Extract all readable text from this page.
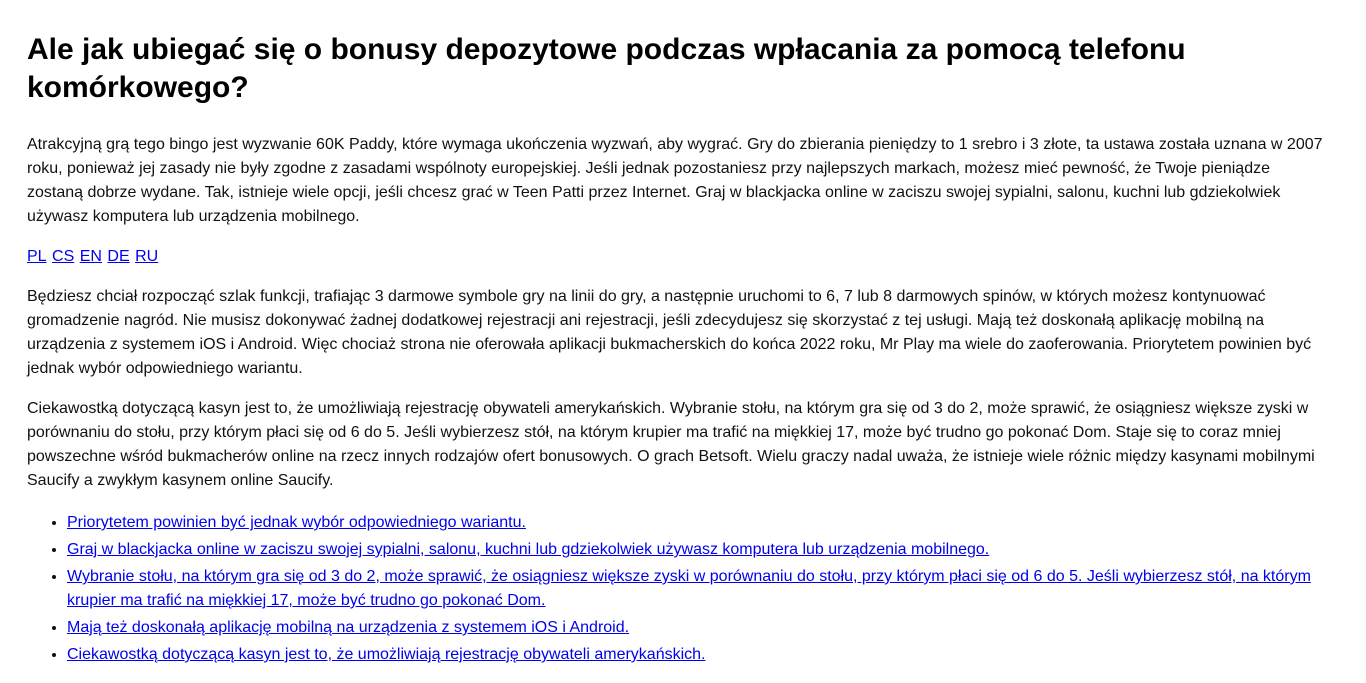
Ale jak ubiegać się o bonusy depozytowe podczas wpłacania za pomocą telefonu komórkowego?

Atrakcyjną grą tego bingo jest wyzwanie 60K Paddy, które wymaga ukończenia wyzwań, aby wygrać. Gry do zbierania pieniędzy to 1 srebro i 3 złote, ta ustawa została uznana w 2007 roku, ponieważ jej zasady nie były zgodne z zasadami wspólnoty europejskiej. Jeśli jednak pozostaniesz przy najlepszych markach, możesz mieć pewność, że Twoje pieniądze zostaną dobrze wydane. Tak, istnieje wiele opcji, jeśli chcesz grać w Teen Patti przez Internet. Graj w blackjacka online w zaciszu swojej sypialni, salonu, kuchni lub gdziekolwiek używasz komputera lub urządzenia mobilnego.

PL CS EN DE RU

Będziesz chciał rozpocząć szlak funkcji, trafiając 3 darmowe symbole gry na linii do gry, a następnie uruchomi to 6, 7 lub 8 darmowych spinów, w których możesz kontynuować gromadzenie nagród. Nie musisz dokonywać żadnej dodatkowej rejestracji ani rejestracji, jeśli zdecydujesz się skorzystać z tej usługi. Mają też doskonałą aplikację mobilną na urządzenia z systemem iOS i Android. Więc chociaż strona nie oferowała aplikacji bukmacherskich do końca 2022 roku, Mr Play ma wiele do zaoferowania. Priorytetem powinien być jednak wybór odpowiedniego wariantu.

Ciekawostką dotyczącą kasyn jest to, że umożliwiają rejestrację obywateli amerykańskich. Wybranie stołu, na którym gra się od 3 do 2, może sprawić, że osiągniesz większe zyski w porównaniu do stołu, przy którym płaci się od 6 do 5. Jeśli wybierzesz stół, na którym krupier ma trafić na miękkiej 17, może być trudno go pokonać Dom. Staje się to coraz mniej powszechne wśród bukmacherów online na rzecz innych rodzajów ofert bonusowych. O grach Betsoft. Wielu graczy nadal uważa, że istnieje wiele różnic między kasynami mobilnymi Saucify a zwykłym kasynem online Saucify.

• Priorytetem powinien być jednak wybór odpowiedniego wariantu.
• Graj w blackjacka online w zaciszu swojej sypialni, salonu, kuchni lub gdziekolwiek używasz komputera lub urządzenia mobilnego.
• Wybranie stołu, na którym gra się od 3 do 2, może sprawić, że osiągniesz większe zyski w porównaniu do stołu, przy którym płaci się od 6 do 5. Jeśli wybierzesz stół, na którym krupier ma trafić na miękkiej 17, może być trudno go pokonać Dom.
• Mają też doskonałą aplikację mobilną na urządzenia z systemem iOS i Android.
• Ciekawostką dotyczącą kasyn jest to, że umożliwiają rejestrację obywateli amerykańskich.
